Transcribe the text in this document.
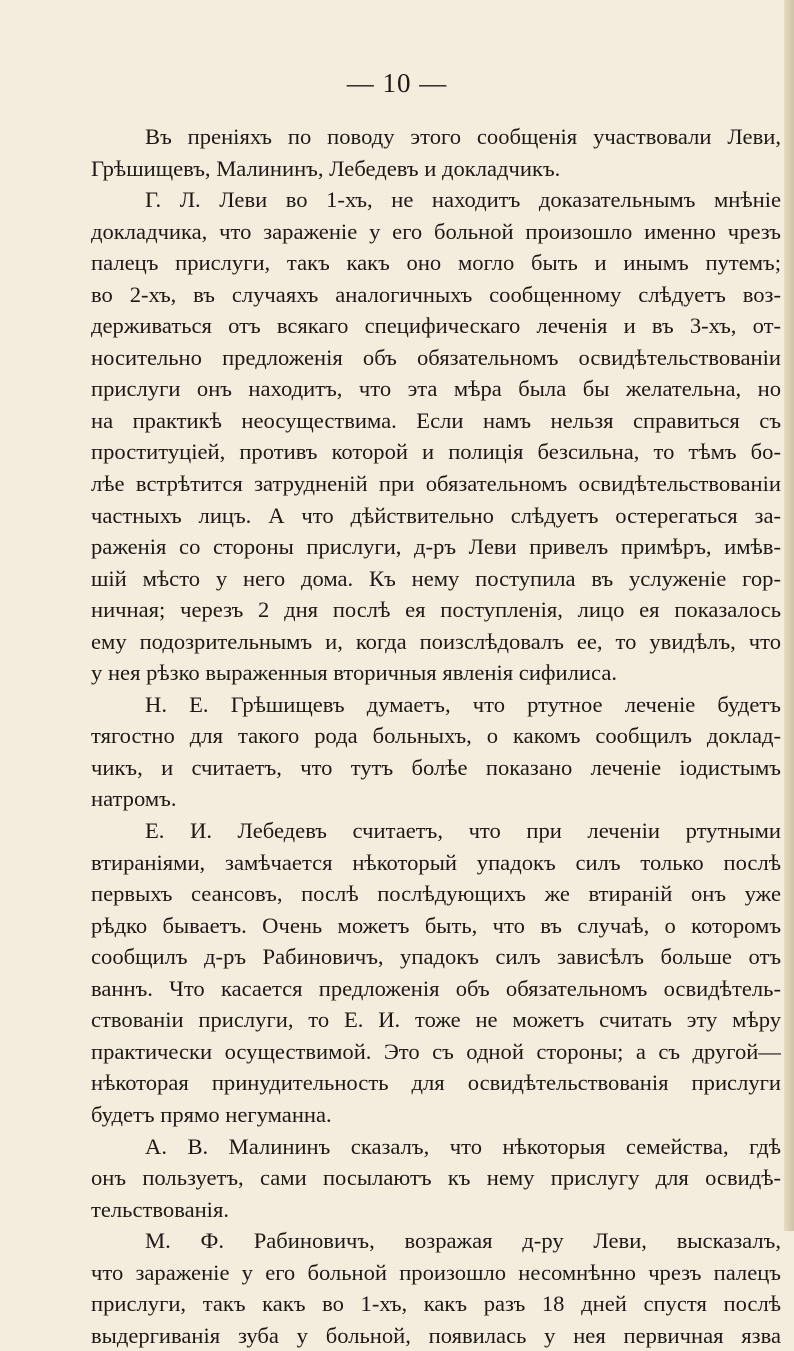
— 10 —
Въ преніяхъ по поводу этого сообщенія участвовали Леви,
Грѣшищевъ, Малининъ, Лебедевъ и докладчикъ.
Г. Л. Леви во 1-хъ, не находитъ доказательнымъ мнѣніе
докладчика, что зараженіе у его больной произошло именно чрезъ
палецъ прислуги, такъ какъ оно могло быть и инымъ путемъ;
во 2-хъ, въ случаяхъ аналогичныхъ сообщенному слѣдуетъ воз-
держиваться отъ всякаго специфическаго леченія и въ 3-хъ, от-
носительно предложенія объ обязательномъ освидѣтельствованіи
прислуги онъ находитъ, что эта мѣра была бы желательна, но
на практикѣ неосуществима. Если намъ нельзя справиться съ
проституціей, противъ которой и полиція безсильна, то тѣмъ бо-
лѣе встрѣтится затрудненій при обязательномъ освидѣтельствованіи
частныхъ лицъ. А что дѣйствительно слѣдуетъ остерегаться за-
раженія со стороны прислуги, д-ръ Леви привелъ примѣръ, имѣв-
шій мѣсто у него дома. Къ нему поступила въ услуженіе гор-
ничная; черезъ 2 дня послѣ ея поступленія, лицо ея показалось
ему подозрительнымъ и, когда поизслѣдовалъ ее, то увидѣлъ, что
у нея рѣзко выраженныя вторичныя явленія сифилиса.
Н. Е. Грѣшищевъ думаетъ, что ртутное леченіе будетъ
тягостно для такого рода больныхъ, о какомъ сообщилъ доклад-
чикъ, и считаетъ, что тутъ болѣе показано леченіе іодистымъ
натромъ.
Е. И. Лебедевъ считаетъ, что при леченіи ртутными
втираніями, замѣчается нѣкоторый упадокъ силъ только послѣ
первыхъ сеансовъ, послѣ послѣдующихъ же втираній онъ уже
рѣдко бываетъ. Очень можетъ быть, что въ случаѣ, о которомъ
сообщилъ д-ръ Рабиновичъ, упадокъ силъ зависѣлъ больше отъ
ваннъ. Что касается предложенія объ обязательномъ освидѣтель-
ствованіи прислуги, то Е. И. тоже не можетъ считать эту мѣру
практически осуществимой. Это съ одной стороны; а съ другой—
нѣкоторая принудительность для освидѣтельствованія прислуги
будетъ прямо негуманна.
А. В. Малининъ сказалъ, что нѣкоторыя семейства, гдѣ
онъ пользуетъ, сами посылаютъ къ нему прислугу для освидѣ-
тельствованія.
М. Ф. Рабиновичъ, возражая д-ру Леви, высказалъ,
что зараженіе у его больной произошло несомнѣнно чрезъ палецъ
прислуги, такъ какъ во 1-хъ, какъ разъ 18 дней спустя послѣ
выдергиванія зуба у больной, появилась у нея первичная язва
